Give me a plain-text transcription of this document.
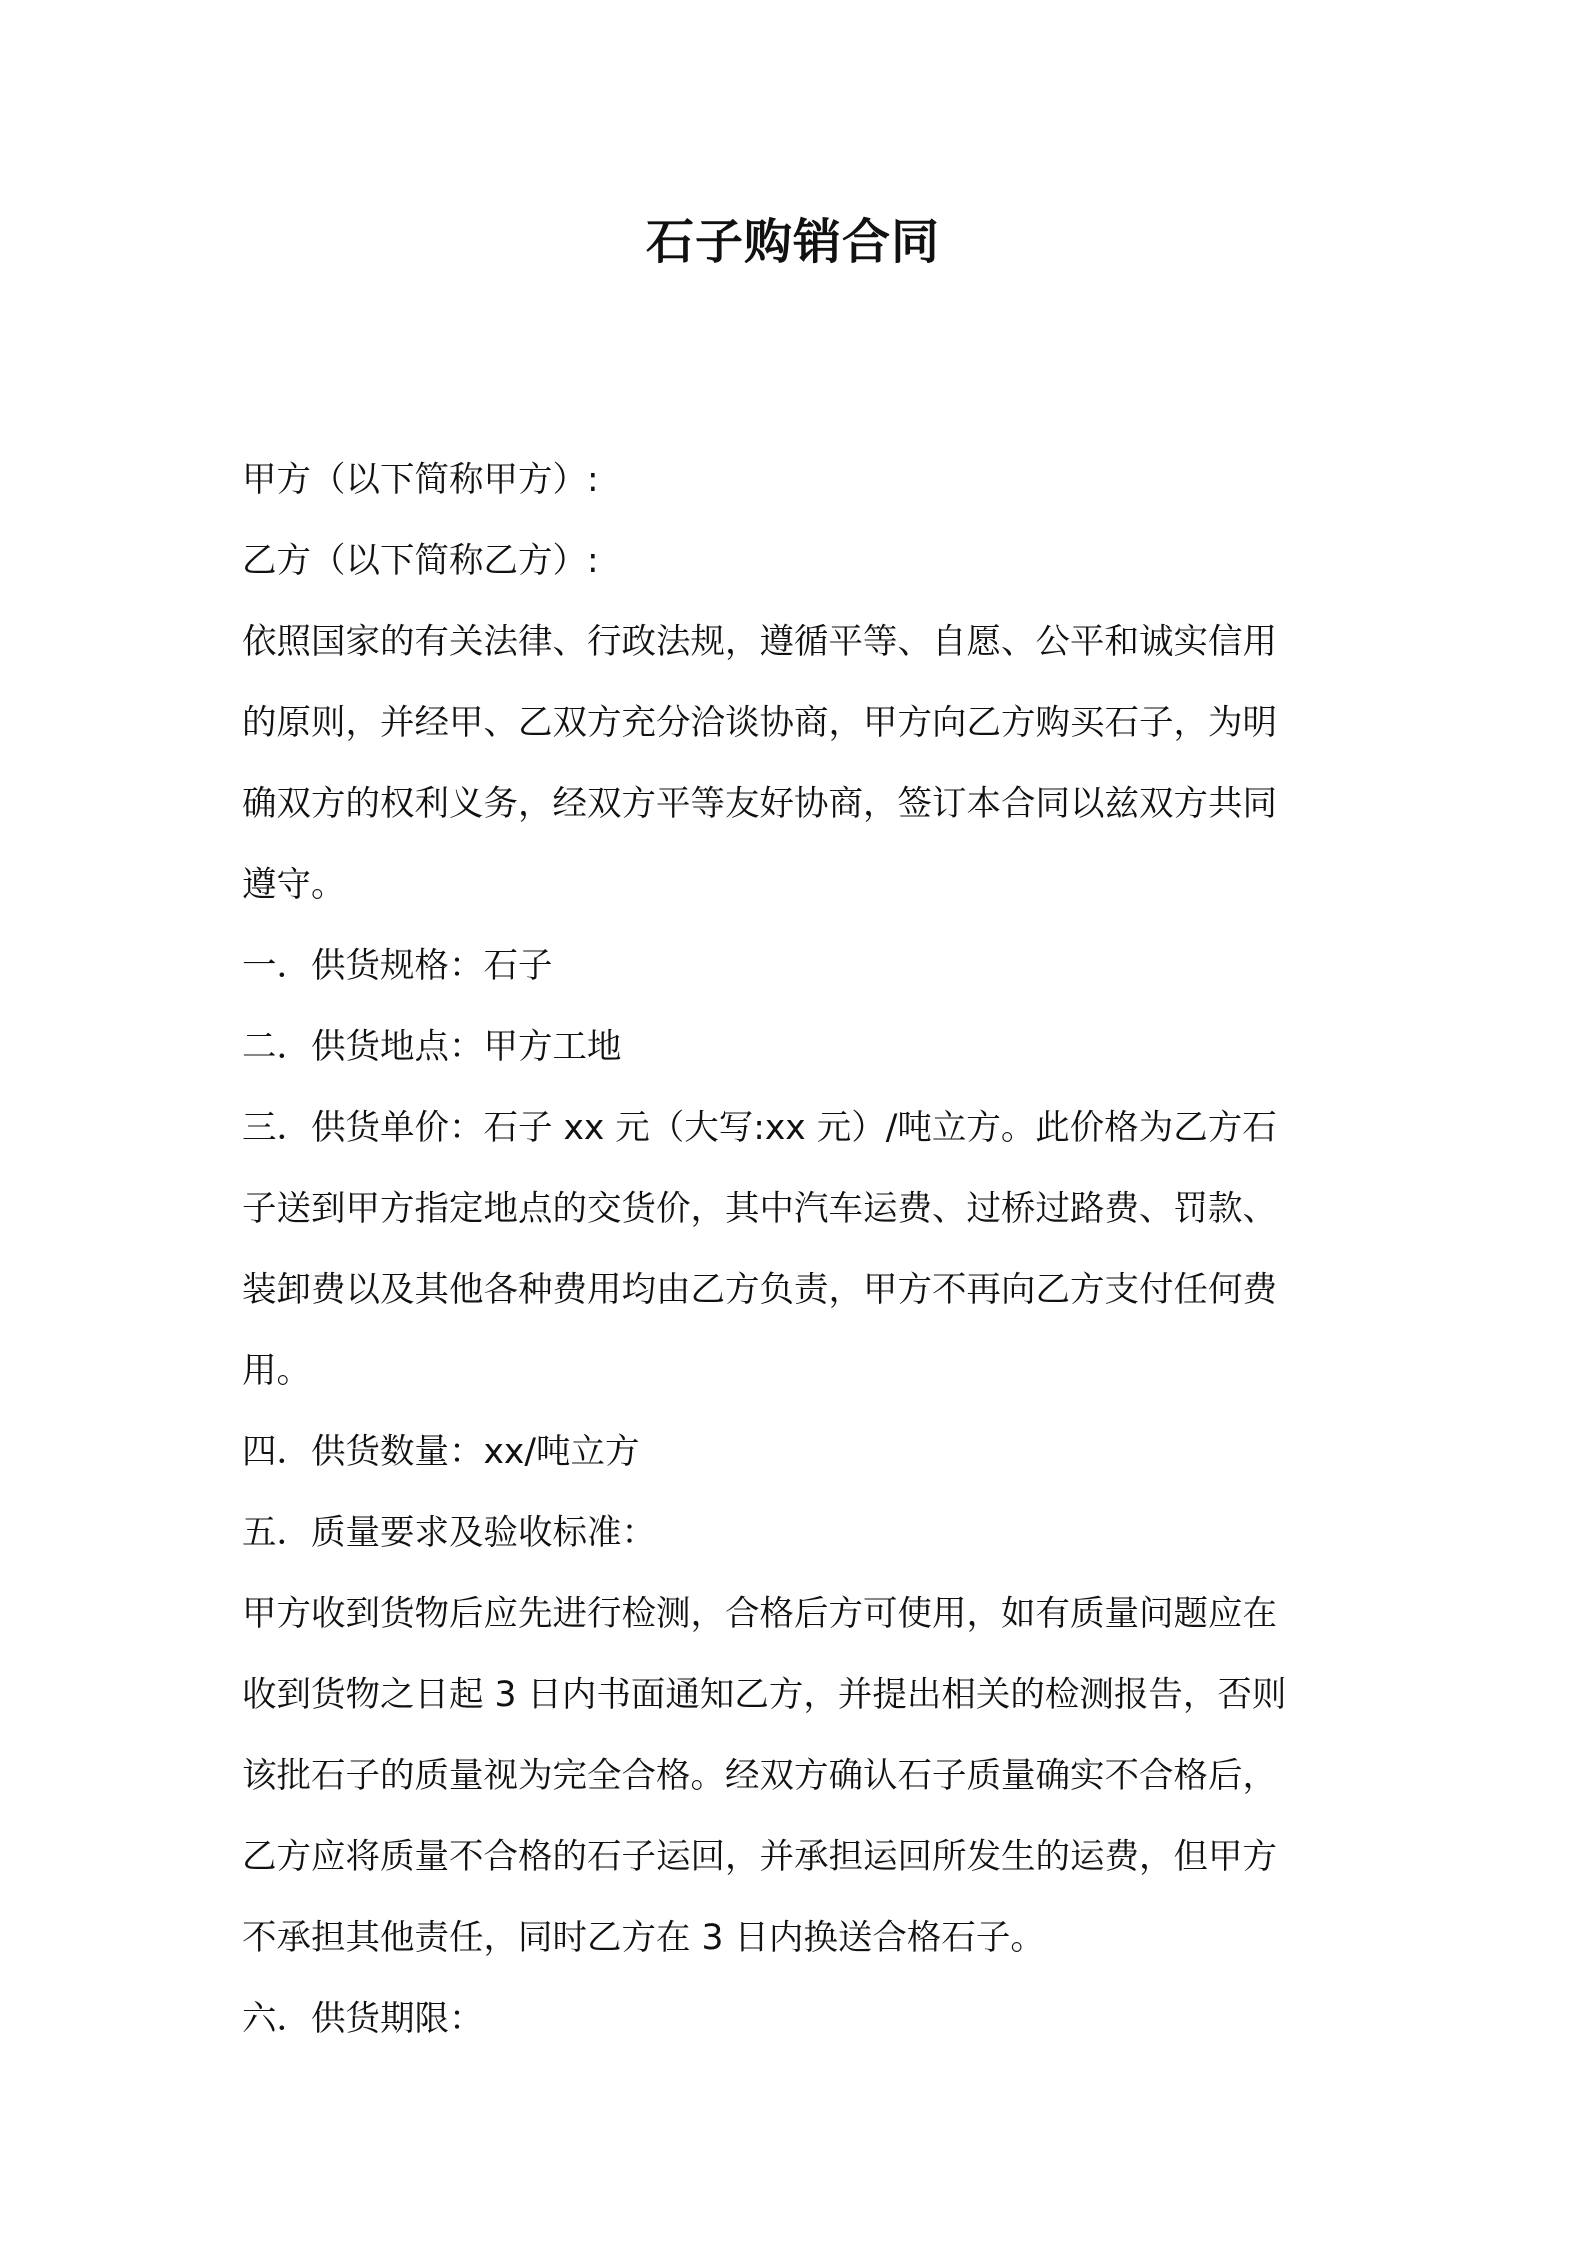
石子购销合同
甲方（以下简称甲方）:
乙方（以下简称乙方）:
依照国家的有关法律、行政法规，遵循平等、自愿、公平和诚实信用
的原则，并经甲、乙双方充分洽谈协商，甲方向乙方购买石子，为明
确双方的权利义务，经双方平等友好协商，签订本合同以兹双方共同
遵守。
一．供货规格：石子
二．供货地点：甲方工地
三．供货单价：石子 xx 元（大写:xx 元）/吨立方。此价格为乙方石
子送到甲方指定地点的交货价，其中汽车运费、过桥过路费、罚款、
装卸费以及其他各种费用均由乙方负责，甲方不再向乙方支付任何费
用。
四．供货数量：xx/吨立方
五．质量要求及验收标准：
甲方收到货物后应先进行检测，合格后方可使用，如有质量问题应在
收到货物之日起 3 日内书面通知乙方，并提出相关的检测报告，否则
该批石子的质量视为完全合格。经双方确认石子质量确实不合格后，
乙方应将质量不合格的石子运回，并承担运回所发生的运费，但甲方
不承担其他责任，同时乙方在 3 日内换送合格石子。
六．供货期限：
